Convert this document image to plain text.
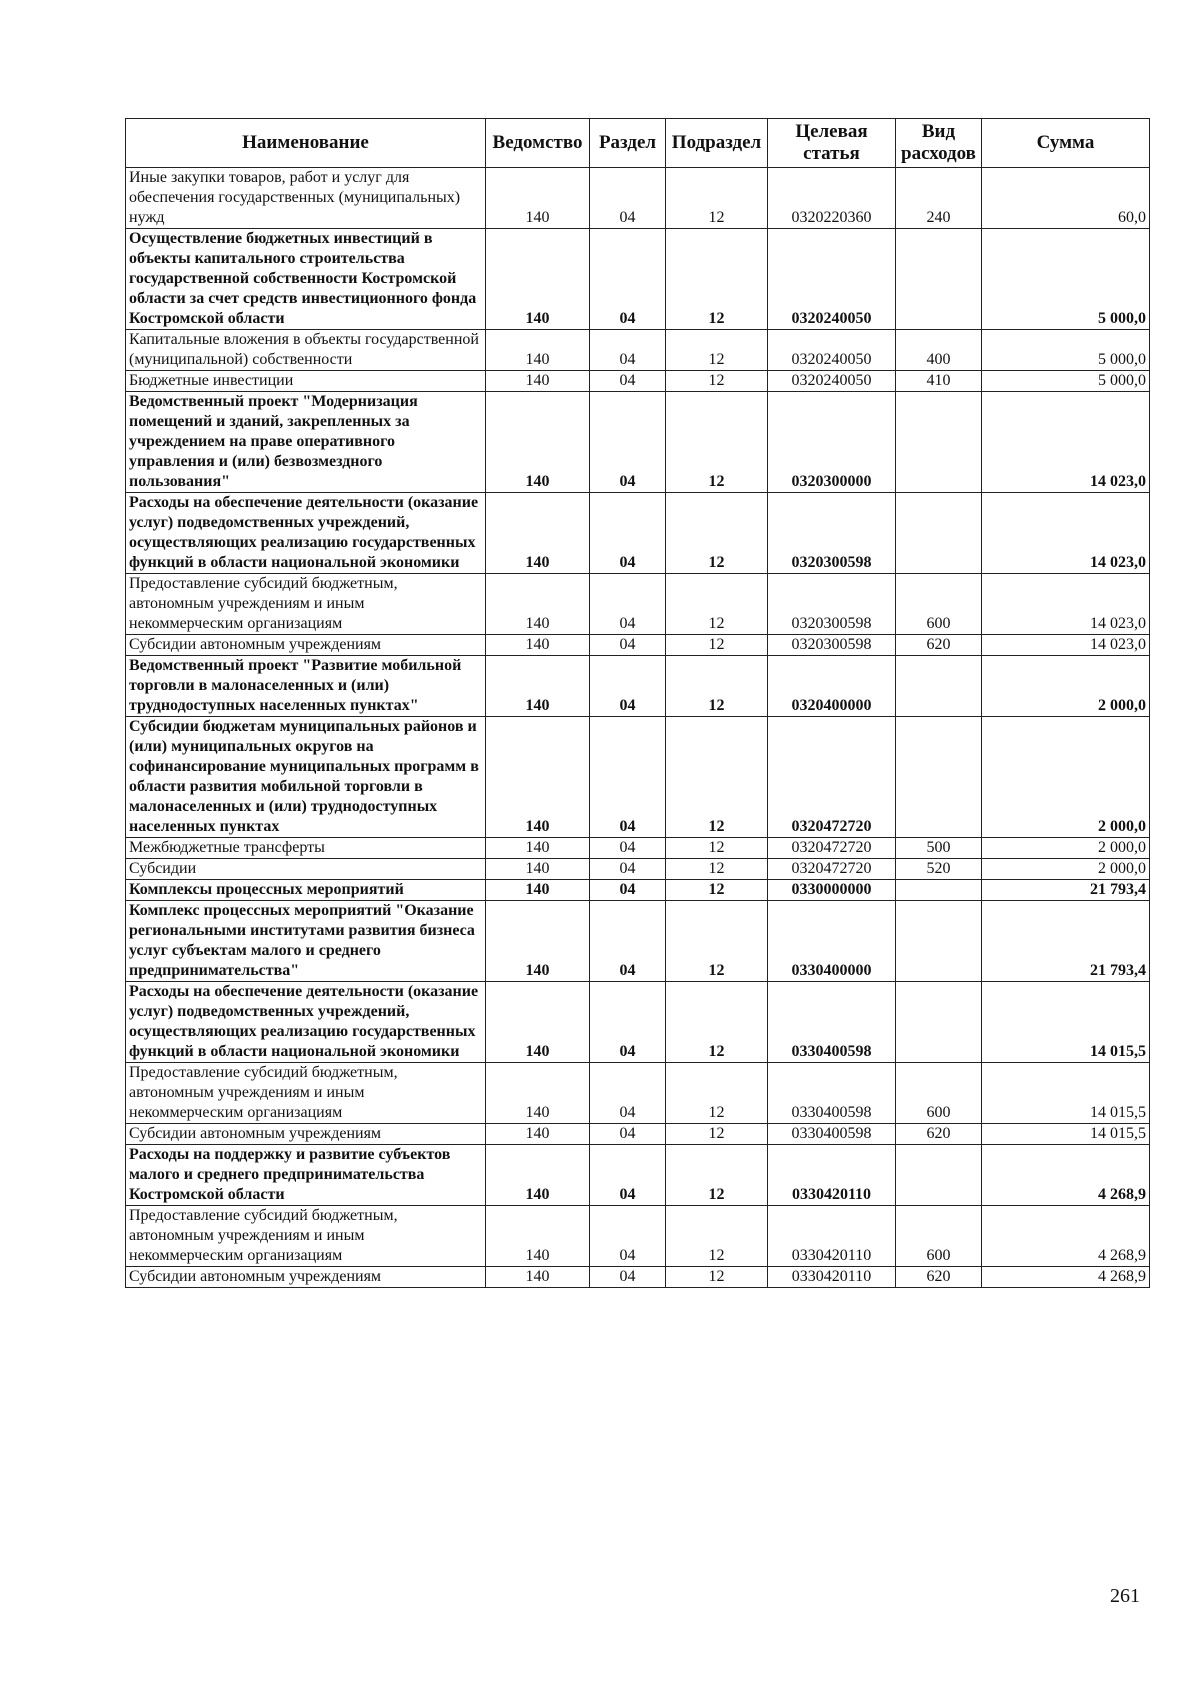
Наименование	Ведомство	Раздел	Подраздел	Целевая статья	Вид расходов	Сумма
Иные закупки товаров, работ и услуг для обеспечения государственных (муниципальных) нужд	140	04	12	0320220360	240	60,0
Осуществление бюджетных инвестиций в объекты капитального строительства государственной собственности Костромской области за счет средств инвестиционного фонда Костромской области	140	04	12	0320240050		5 000,0
Капитальные вложения в объекты государственной (муниципальной) собственности	140	04	12	0320240050	400	5 000,0
Бюджетные инвестиции	140	04	12	0320240050	410	5 000,0
Ведомственный проект "Модернизация помещений и зданий, закрепленных за учреждением на праве оперативного управления и (или) безвозмездного пользования"	140	04	12	0320300000		14 023,0
Расходы на обеспечение деятельности (оказание услуг) подведомственных учреждений, осуществляющих реализацию государственных функций в области национальной экономики	140	04	12	0320300598		14 023,0
Предоставление субсидий бюджетным, автономным учреждениям и иным некоммерческим организациям	140	04	12	0320300598	600	14 023,0
Субсидии автономным учреждениям	140	04	12	0320300598	620	14 023,0
Ведомственный проект "Развитие мобильной торговли в малонаселенных и (или) труднодоступных населенных пунктах"	140	04	12	0320400000		2 000,0
Субсидии бюджетам муниципальных районов и (или) муниципальных округов на софинансирование муниципальных программ в области развития мобильной торговли в малонаселенных и (или) труднодоступных населенных пунктах	140	04	12	0320472720		2 000,0
Межбюджетные трансферты	140	04	12	0320472720	500	2 000,0
Субсидии	140	04	12	0320472720	520	2 000,0
Комплексы процессных мероприятий	140	04	12	0330000000		21 793,4
Комплекс процессных мероприятий "Оказание региональными институтами развития бизнеса услуг субъектам малого и среднего предпринимательства"	140	04	12	0330400000		21 793,4
Расходы на обеспечение деятельности (оказание услуг) подведомственных учреждений, осуществляющих реализацию государственных функций в области национальной экономики	140	04	12	0330400598		14 015,5
Предоставление субсидий бюджетным, автономным учреждениям и иным некоммерческим организациям	140	04	12	0330400598	600	14 015,5
Субсидии автономным учреждениям	140	04	12	0330400598	620	14 015,5
Расходы на поддержку и развитие субъектов малого и среднего предпринимательства Костромской области	140	04	12	0330420110		4 268,9
Предоставление субсидий бюджетным, автономным учреждениям и иным некоммерческим организациям	140	04	12	0330420110	600	4 268,9
Субсидии автономным учреждениям	140	04	12	0330420110	620	4 268,9
261
